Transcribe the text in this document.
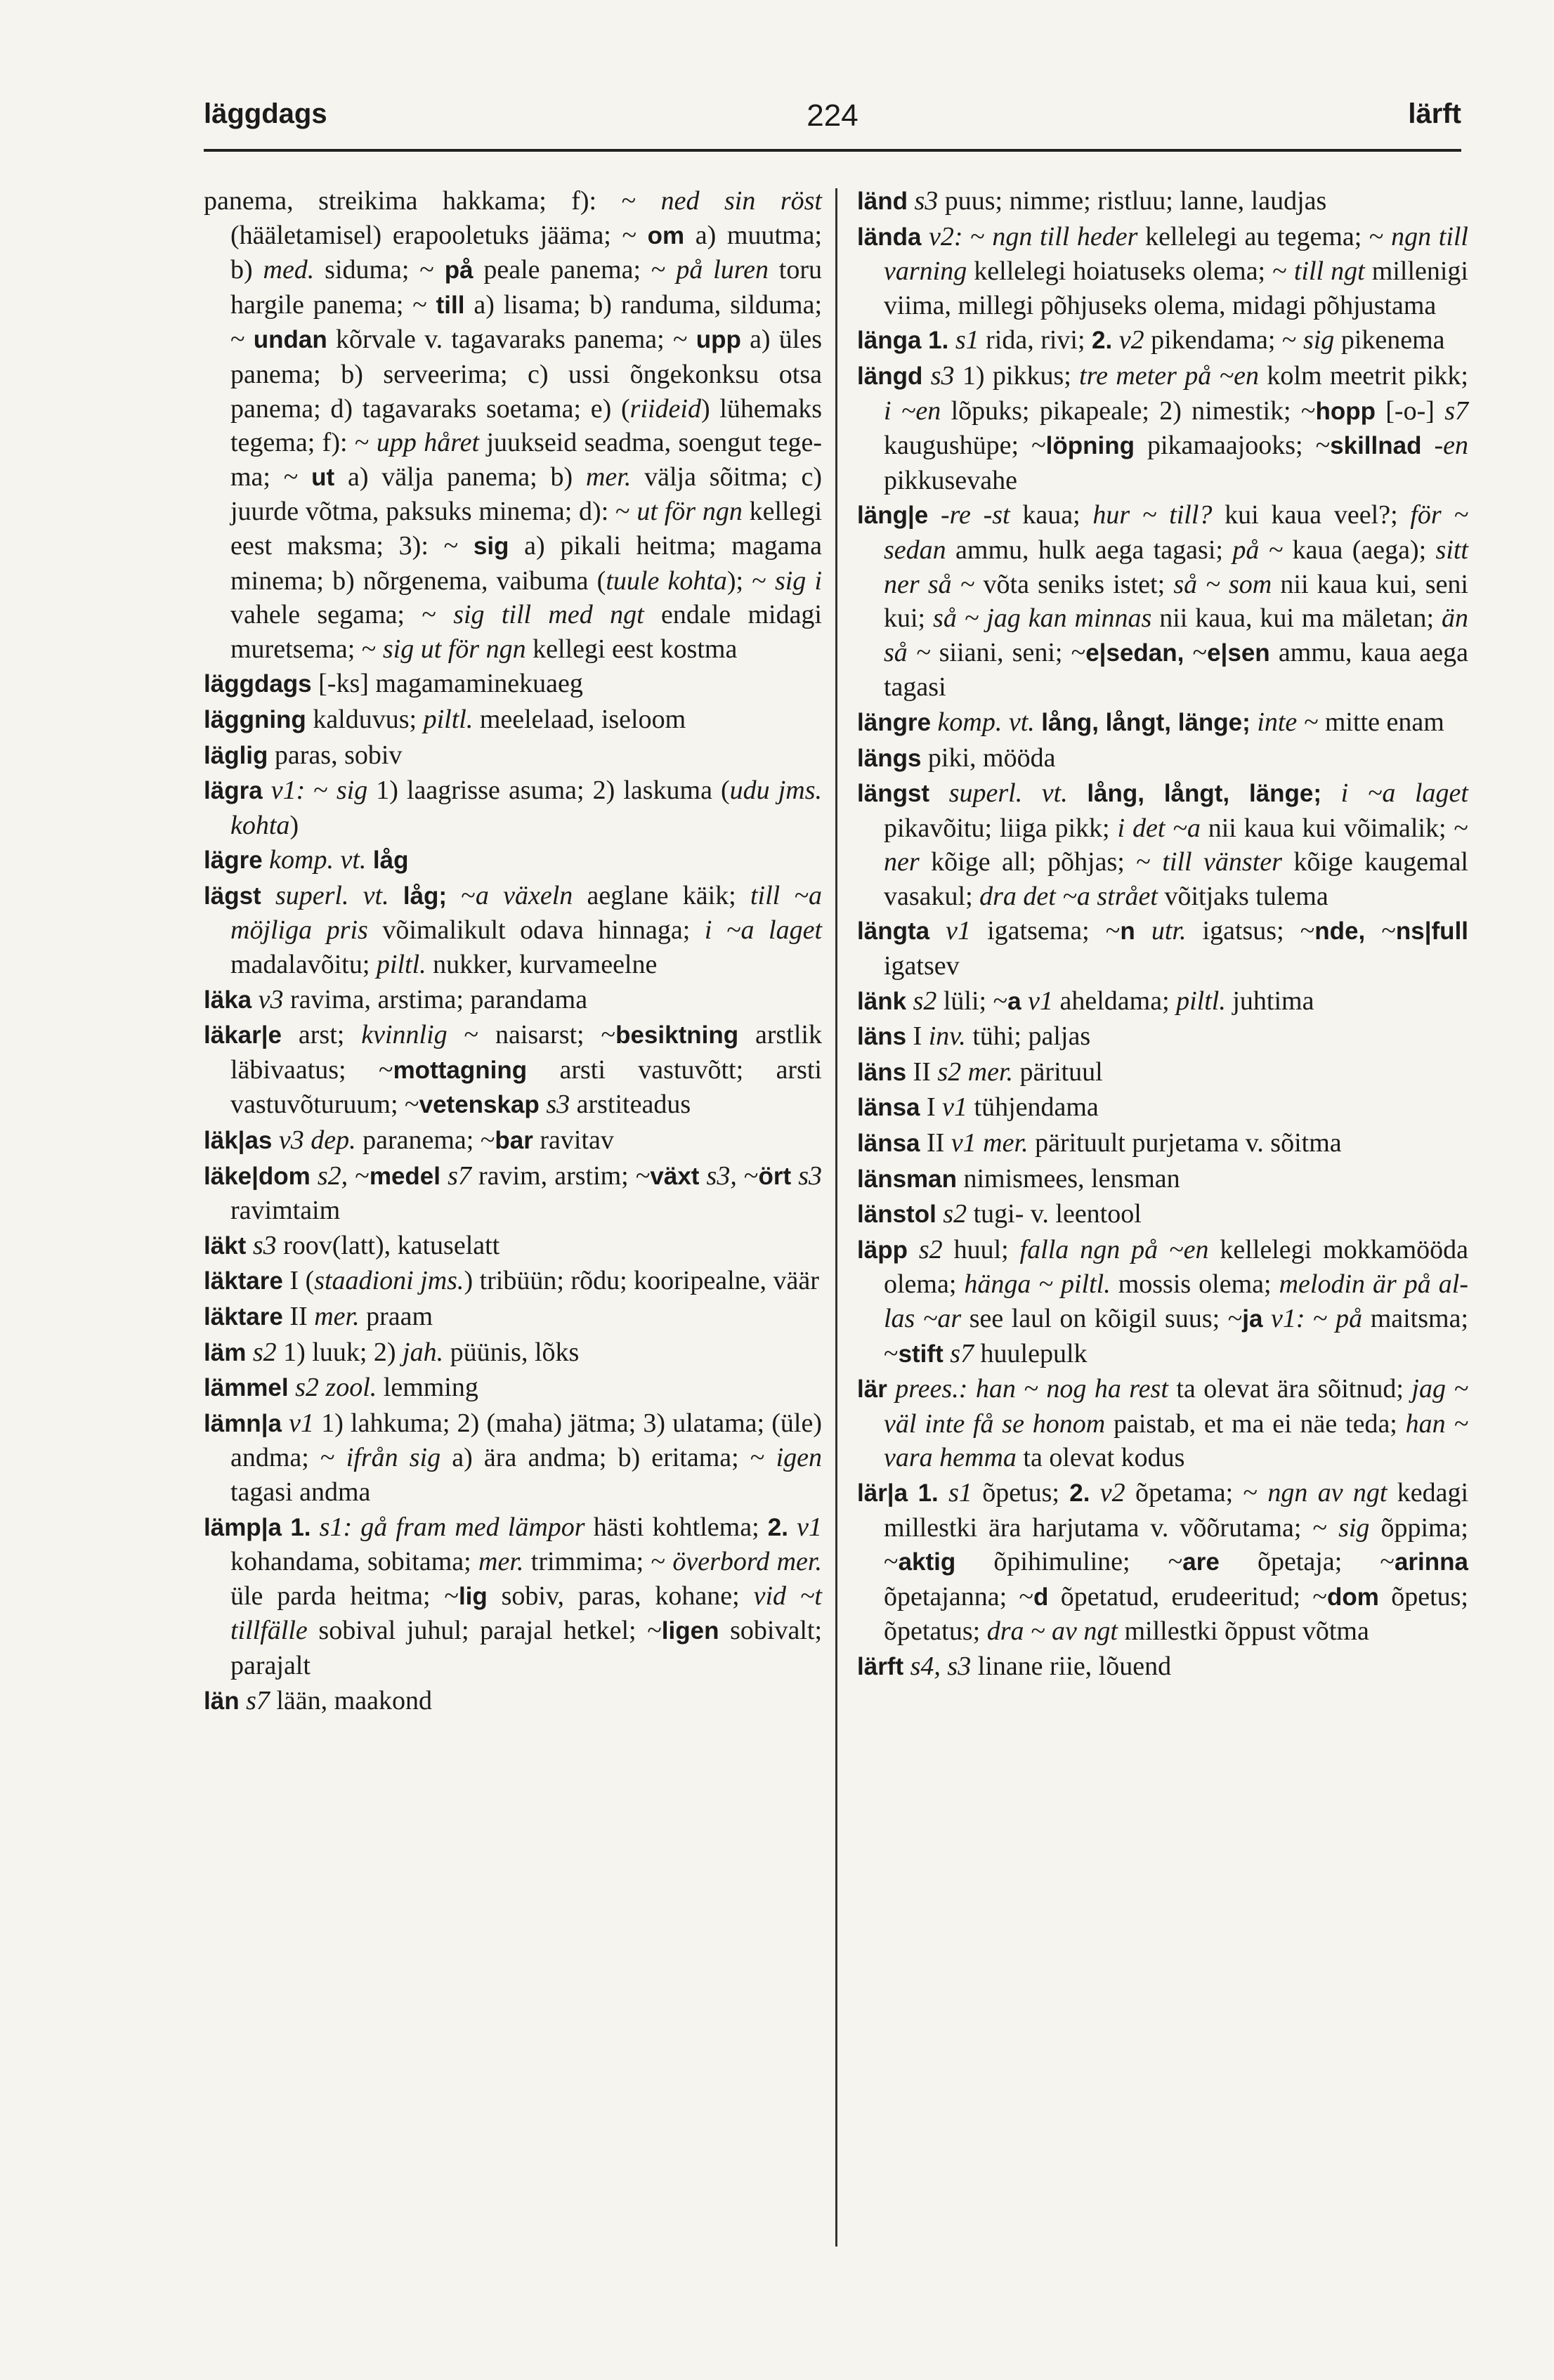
läggdags	224	lärft
panema, streikima hakkama; f): ~ ned sin röst (hääletamisel) erapooletuks jääma; ~ om a) muutma; b) med. siduma; ~ på peale panema; ~ på luren toru hargile panema; ~ till a) lisama; b) randuma, silduma; ~ undan kõrvale v. tagavaraks panema; ~ upp a) üles panema; b) serveerima; c) ussi õngekonksu otsa panema; d) tagavaraks soetama; e) (riideid) lühemaks tegema; f): ~ upp håret juukseid seadma, soengut tegema; ~ ut a) välja panema; b) mer. välja sõitma; c) juurde võtma, paksuks minema; d): ~ ut för ngn kellegi eest maksma; 3): ~ sig a) pikali heitma; magama minema; b) nõrgenema, vaibuma (tuule kohta); ~ sig i vahele segama; ~ sig till med ngt endale midagi muretsema; ~ sig ut för ngn kellegi eest kostma
läggdags [-ks] magamaminekuaeg
läggning kalduvus; piltl. meelelaad, iseloom
läglig paras, sobiv
lägra v1: ~ sig 1) laagrisse asuma; 2) laskuma (udu jms. kohta)
lägre komp. vt. låg
lägst superl. vt. låg; ~a växeln aeglane käik; till ~a möjliga pris võimalikult odava hinnaga; i ~a laget madalavõitu; piltl. nukker, kurvameelne
läka v3 ravima, arstima; parandama
läkar|e arst; kvinnlig ~ naisarst; ~besiktning arstlik läbivaatus; ~mottagning arsti vastuvõtt; arsti vastuvõturuum; ~vetenskap s3 arstiteadus
läk|as v3 dep. paranema; ~bar ravitav
läke|dom s2, ~medel s7 ravim, arstim; ~växt s3, ~ört s3 ravimtaim
läkt s3 roov(latt), katuselatt
läktare I (staadioni jms.) tribüün; rõdu; kooripealne, väär
läktare II mer. praam
läm s2 1) luuk; 2) jah. püünis, lõks
lämmel s2 zool. lemming
lämn|a v1 1) lahkuma; 2) (maha) jätma; 3) ulatama; (üle) andma; ~ ifrån sig a) ära andma; b) eritama; ~ igen tagasi andma
lämp|a 1. s1: gå fram med lämpor hästi kohtlema; 2. v1 kohandama, sobitama; mer. trimmima; ~ överbord mer. üle parda heitma; ~lig sobiv, paras, kohane; vid ~t tillfälle sobival juhul; parajal hetkel; ~ligen sobivalt; parajalt
län s7 lään, maakond
länd s3 puus; nimme; ristluu; lanne, laudjas
lända v2: ~ ngn till heder kellelegi au tegema; ~ ngn till varning kellelegi hoiatuseks olema; ~ till ngt millenigi viima, millegi põhjuseks olema, midagi põhjustama
länga 1. s1 rida, rivi; 2. v2 pikendama; ~ sig pikenema
längd s3 1) pikkus; tre meter på ~en kolm meetrit pikk; i ~en lõpuks; pikapeale; 2) nimestik; ~hopp [-o-] s7 kaugushüpe; ~löpning pikamaajooks; ~skillnad -en pikkusevahe
läng|e -re -st kaua; hur ~ till? kui kaua veel?; för ~ sedan ammu, hulk aega tagasi; på ~ kaua (aega); sitt ner så ~ võta seniks istet; så ~ som nii kaua kui, seni kui; så ~ jag kan minnas nii kaua, kui ma mäletan; än så ~ siiani, seni; ~e|sedan, ~e|sen ammu, kaua aega tagasi
längre komp. vt. lång, långt, länge; inte ~ mitte enam
längs piki, mööda
längst superl. vt. lång, långt, länge; i ~a laget pikavõitu; liiga pikk; i det ~a nii kaua kui võimalik; ~ ner kõige all; põhjas; ~ till vänster kõige kaugemal vasakul; dra det ~a strået võitjaks tulema
längta v1 igatsema; ~n utr. igatsus; ~nde, ~ns|full igatsev
länk s2 lüli; ~a v1 aheldama; piltl. juhtima
läns I inv. tühi; paljas
läns II s2 mer. pärituul
länsa I v1 tühjendama
länsa II v1 mer. pärituult purjetama v. sõitma
länsman nimismees, lensman
länstol s2 tugi- v. leentool
läpp s2 huul; falla ngn på ~en kellelegi mokkamööda olema; hänga ~ piltl. mossis olema; melodin är på allas ~ar see laul on kõigil suus; ~ja v1: ~ på maitsma; ~stift s7 huulepulk
lär prees.: han ~ nog ha rest ta olevat ära sõitnud; jag ~ väl inte få se honom paistab, et ma ei näe teda; han ~ vara hemma ta olevat kodus
lär|a 1. s1 õpetus; 2. v2 õpetama; ~ ngn av ngt kedagi millestki ära harjutama v. võõrutama; ~ sig õppima; ~aktig õpihimuline; ~are õpetaja; ~arinna õpetajanna; ~d õpetatud, erudeeritud; ~dom õpetus; õpetatus; dra ~ av ngt millestki õppust võtma
lärft s4, s3 linane riie, lõuend
